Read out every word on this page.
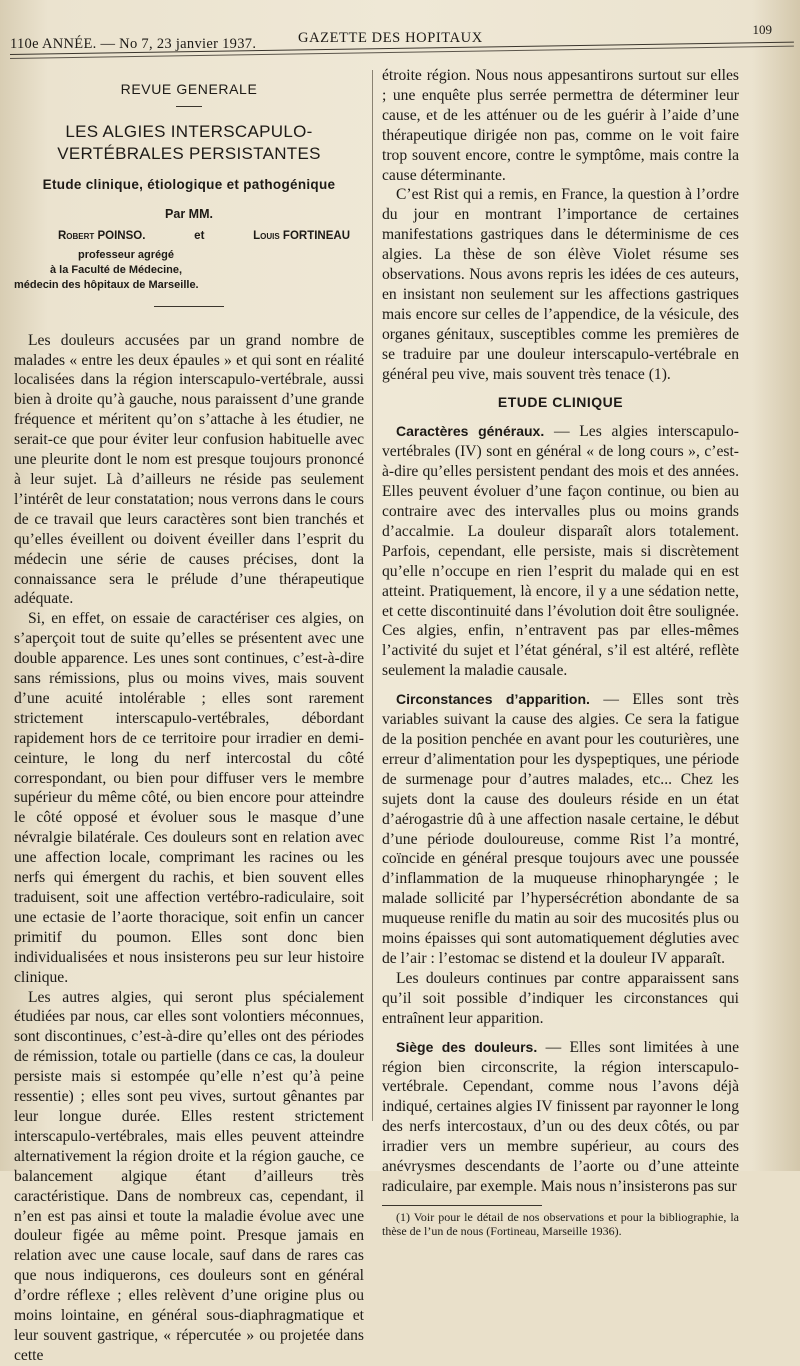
110e ANNÉE. — No 7, 23 janvier 1937.	GAZETTE DES HOPITAUX
109
REVUE GENERALE
LES ALGIES INTERSCAPULO-VERTÉBRALES PERSISTANTES
Etude clinique, étiologique et pathogénique
Par MM.
Robert POINSO.	et	Louis FORTINEAU
professeur agrégé
à la Faculté de Médecine,
médecin des hôpitaux de Marseille.

Les douleurs accusées par un grand nombre de malades « entre les deux épaules » et qui sont en réalité localisées dans la région interscapulo-vertébrale, aussi bien à droite qu’à gauche, nous paraissent d’une grande fréquence et méritent qu’on s’attache à les étudier, ne serait-ce que pour éviter leur confusion habituelle avec une pleurite dont le nom est presque toujours prononcé à leur sujet. Là d’ailleurs ne réside pas seulement l’intérêt de leur constatation; nous verrons dans le cours de ce travail que leurs caractères sont bien tranchés et qu’elles éveillent ou doivent éveiller dans l’esprit du médecin une série de causes précises, dont la connaissance sera le prélude d’une thérapeutique adéquate.

Si, en effet, on essaie de caractériser ces algies, on s’aperçoit tout de suite qu’elles se présentent avec une double apparence. Les unes sont continues, c’est-à-dire sans rémissions, plus ou moins vives, mais souvent d’une acuité intolérable ; elles sont rarement strictement interscapulo-vertébrales, débordant rapidement hors de ce territoire pour irradier en demi-ceinture, le long du nerf intercostal du côté correspondant, ou bien pour diffuser vers le membre supérieur du même côté, ou bien encore pour atteindre le côté opposé et évoluer sous le masque d’une névralgie bilatérale. Ces douleurs sont en relation avec une affection locale, comprimant les racines ou les nerfs qui émergent du rachis, et bien souvent elles traduisent, soit une affection vertébro-radiculaire, soit une ectasie de l’aorte thoracique, soit enfin un cancer primitif du poumon. Elles sont donc bien individualisées et nous insisterons peu sur leur histoire clinique.

Les autres algies, qui seront plus spécialement étudiées par nous, car elles sont volontiers méconnues, sont discontinues, c’est-à-dire qu’elles ont des périodes de rémission, totale ou partielle (dans ce cas, la douleur persiste mais si estompée qu’elle n’est qu’à peine ressentie) ; elles sont peu vives, surtout gênantes par leur longue durée. Elles restent strictement interscapulo-vertébrales, mais elles peuvent atteindre alternativement la région droite et la région gauche, ce balancement algique étant d’ailleurs très caractéristique. Dans de nombreux cas, cependant, il n’en est pas ainsi et toute la maladie évolue avec une douleur figée au même point. Presque jamais en relation avec une cause locale, sauf dans de rares cas que nous indiquerons, ces douleurs sont en général d’ordre réflexe ; elles relèvent d’une origine plus ou moins lointaine, en général sous-diaphragmatique et leur souvent gastrique, « répercutée » ou projetée dans cette

étroite région. Nous nous appesantirons surtout sur elles ; une enquête plus serrée permettra de déterminer leur cause, et de les atténuer ou de les guérir à l’aide d’une thérapeutique dirigée non pas, comme on le voit faire trop souvent encore, contre le symptôme, mais contre la cause déterminante.

C’est Rist qui a remis, en France, la question à l’ordre du jour en montrant l’importance de certaines manifestations gastriques dans le déterminisme de ces algies. La thèse de son élève Violet résume ses observations. Nous avons repris les idées de ces auteurs, en insistant non seulement sur les affections gastriques mais encore sur celles de l’appendice, de la vésicule, des organes génitaux, susceptibles comme les premières de se traduire par une douleur interscapulo-vertébrale en général peu vive, mais souvent très tenace (1).

ETUDE CLINIQUE

Caractères généraux. — Les algies interscapulo-vertébrales (IV) sont en général « de long cours », c’est-à-dire qu’elles persistent pendant des mois et des années. Elles peuvent évoluer d’une façon continue, ou bien au contraire avec des intervalles plus ou moins grands d’accalmie. La douleur disparaît alors totalement. Parfois, cependant, elle persiste, mais si discrètement qu’elle n’occupe en rien l’esprit du malade qui en est atteint. Pratiquement, là encore, il y a une sédation nette, et cette discontinuité dans l’évolution doit être soulignée. Ces algies, enfin, n’entravent pas par elles-mêmes l’activité du sujet et l’état général, s’il est altéré, reflète seulement la maladie causale.

Circonstances d’apparition. — Elles sont très variables suivant la cause des algies. Ce sera la fatigue de la position penchée en avant pour les couturières, une erreur d’alimentation pour les dyspeptiques, une période de surmenage pour d’autres malades, etc... Chez les sujets dont la cause des douleurs réside en un état d’aérogastrie dû à une affection nasale certaine, le début d’une période douloureuse, comme Rist l’a montré, coïncide en général presque toujours avec une poussée d’inflammation de la muqueuse rhinopharyngée ; le malade sollicité par l’hypersécrétion abondante de sa muqueuse renifle du matin au soir des mucosités plus ou moins épaisses qui sont automatiquement dégluties avec de l’air : l’estomac se distend et la douleur IV apparaît.

Les douleurs continues par contre apparaissent sans qu’il soit possible d’indiquer les circonstances qui entraînent leur apparition.

Siège des douleurs. — Elles sont limitées à une région bien circonscrite, la région interscapulo-vertébrale. Cependant, comme nous l’avons déjà indiqué, certaines algies IV finissent par rayonner le long des nerfs intercostaux, d’un ou des deux côtés, ou par irradier vers un membre supérieur, au cours des anévrysmes descendants de l’aorte ou d’une atteinte radiculaire, par exemple. Mais nous n’insisterons pas sur

(1) Voir pour le détail de nos observations et pour la bibliographie, la thèse de l’un de nous (Fortineau, Marseille 1936).
